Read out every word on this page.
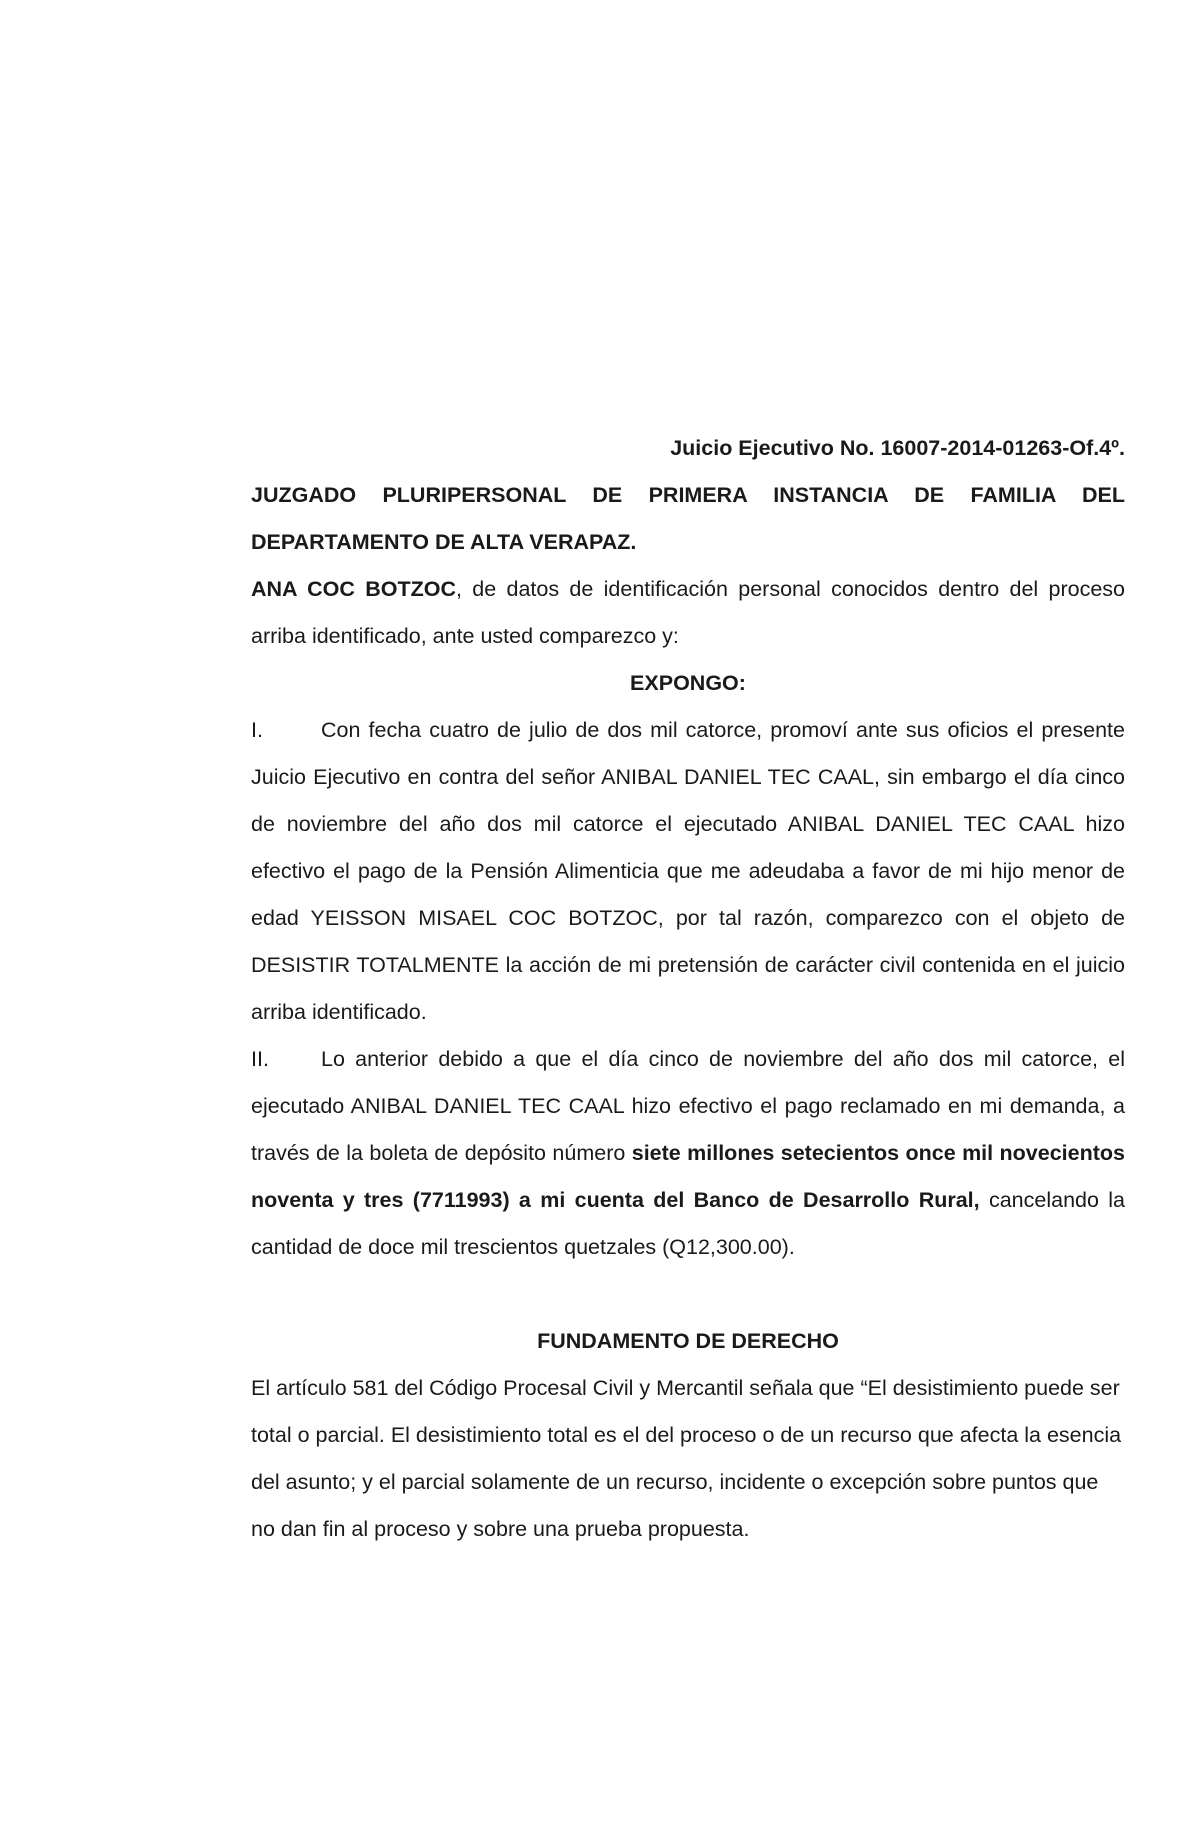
Juicio Ejecutivo No. 16007-2014-01263-Of.4º.

JUZGADO PLURIPERSONAL DE PRIMERA INSTANCIA DE FAMILIA DEL DEPARTAMENTO DE ALTA VERAPAZ.

ANA COC BOTZOC, de datos de identificación personal conocidos dentro del proceso arriba identificado, ante usted comparezco y:

EXPONGO:

I.	Con fecha cuatro de julio de dos mil catorce, promoví ante sus oficios el presente Juicio Ejecutivo en contra del señor ANIBAL DANIEL TEC CAAL, sin embargo el día cinco de noviembre del año dos mil catorce el ejecutado ANIBAL DANIEL TEC CAAL hizo efectivo el pago de la Pensión Alimenticia que me adeudaba a favor de mi hijo menor de edad YEISSON MISAEL COC BOTZOC, por tal razón, comparezco con el objeto de DESISTIR TOTALMENTE la acción de mi pretensión de carácter civil contenida en el juicio arriba identificado.

II. Lo anterior debido a que el día cinco de noviembre del año dos mil catorce, el ejecutado ANIBAL DANIEL TEC CAAL hizo efectivo el pago reclamado en mi demanda, a través de la boleta de depósito número siete millones setecientos once mil novecientos noventa y tres (7711993) a mi cuenta del Banco de Desarrollo Rural, cancelando la cantidad de doce mil trescientos quetzales (Q12,300.00).

FUNDAMENTO DE DERECHO

El artículo 581 del Código Procesal Civil y Mercantil señala que “El desistimiento puede ser total o parcial. El desistimiento total es el del proceso o de un recurso que afecta la esencia del asunto; y el parcial solamente de un recurso, incidente o excepción sobre puntos que no dan fin al proceso y sobre una prueba propuesta.
